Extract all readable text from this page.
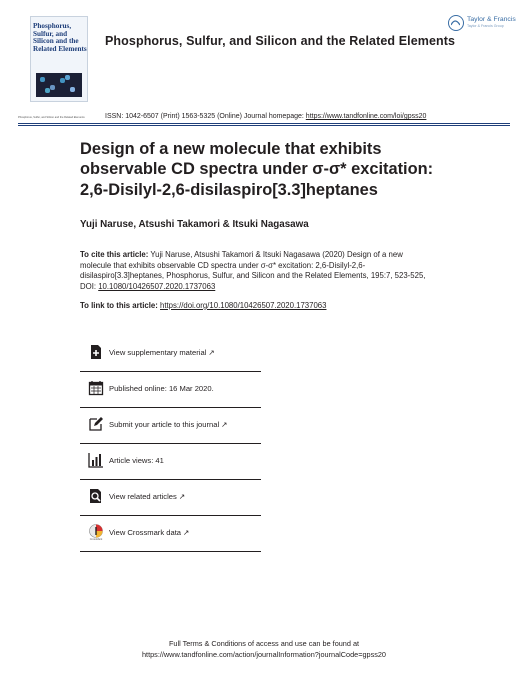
Phosphorus, Sulfur, and Silicon and the Related Elements
Phosphorus, Sulfur, and Silicon and the Related Elements
Phosphorus, Sulfur, and Silicon and the Related Elements
Taylor & Francis
Taylor & Francis Group
ISSN: 1042-6507 (Print) 1563-5325 (Online) Journal homepage: https://www.tandfonline.com/loi/gpss20
Design of a new molecule that exhibits observable CD spectra under σ-σ* excitation: 2,6-Disilyl-2,6-disilaspiro[3.3]heptanes
Yuji Naruse, Atsushi Takamori & Itsuki Nagasawa
To cite this article: Yuji Naruse, Atsushi Takamori & Itsuki Nagasawa (2020) Design of a new molecule that exhibits observable CD spectra under σ-σ* excitation: 2,6-Disilyl-2,6-disilaspiro[3.3]heptanes, Phosphorus, Sulfur, and Silicon and the Related Elements, 195:7, 523-525, DOI: 10.1080/10426507.2020.1737063
To link to this article: https://doi.org/10.1080/10426507.2020.1737063
View supplementary material ↗
Published online: 16 Mar 2020.
Submit your article to this journal ↗
Article views: 41
View related articles ↗
CrossMark
View Crossmark data ↗
Full Terms & Conditions of access and use can be found at
https://www.tandfonline.com/action/journalInformation?journalCode=gpss20
